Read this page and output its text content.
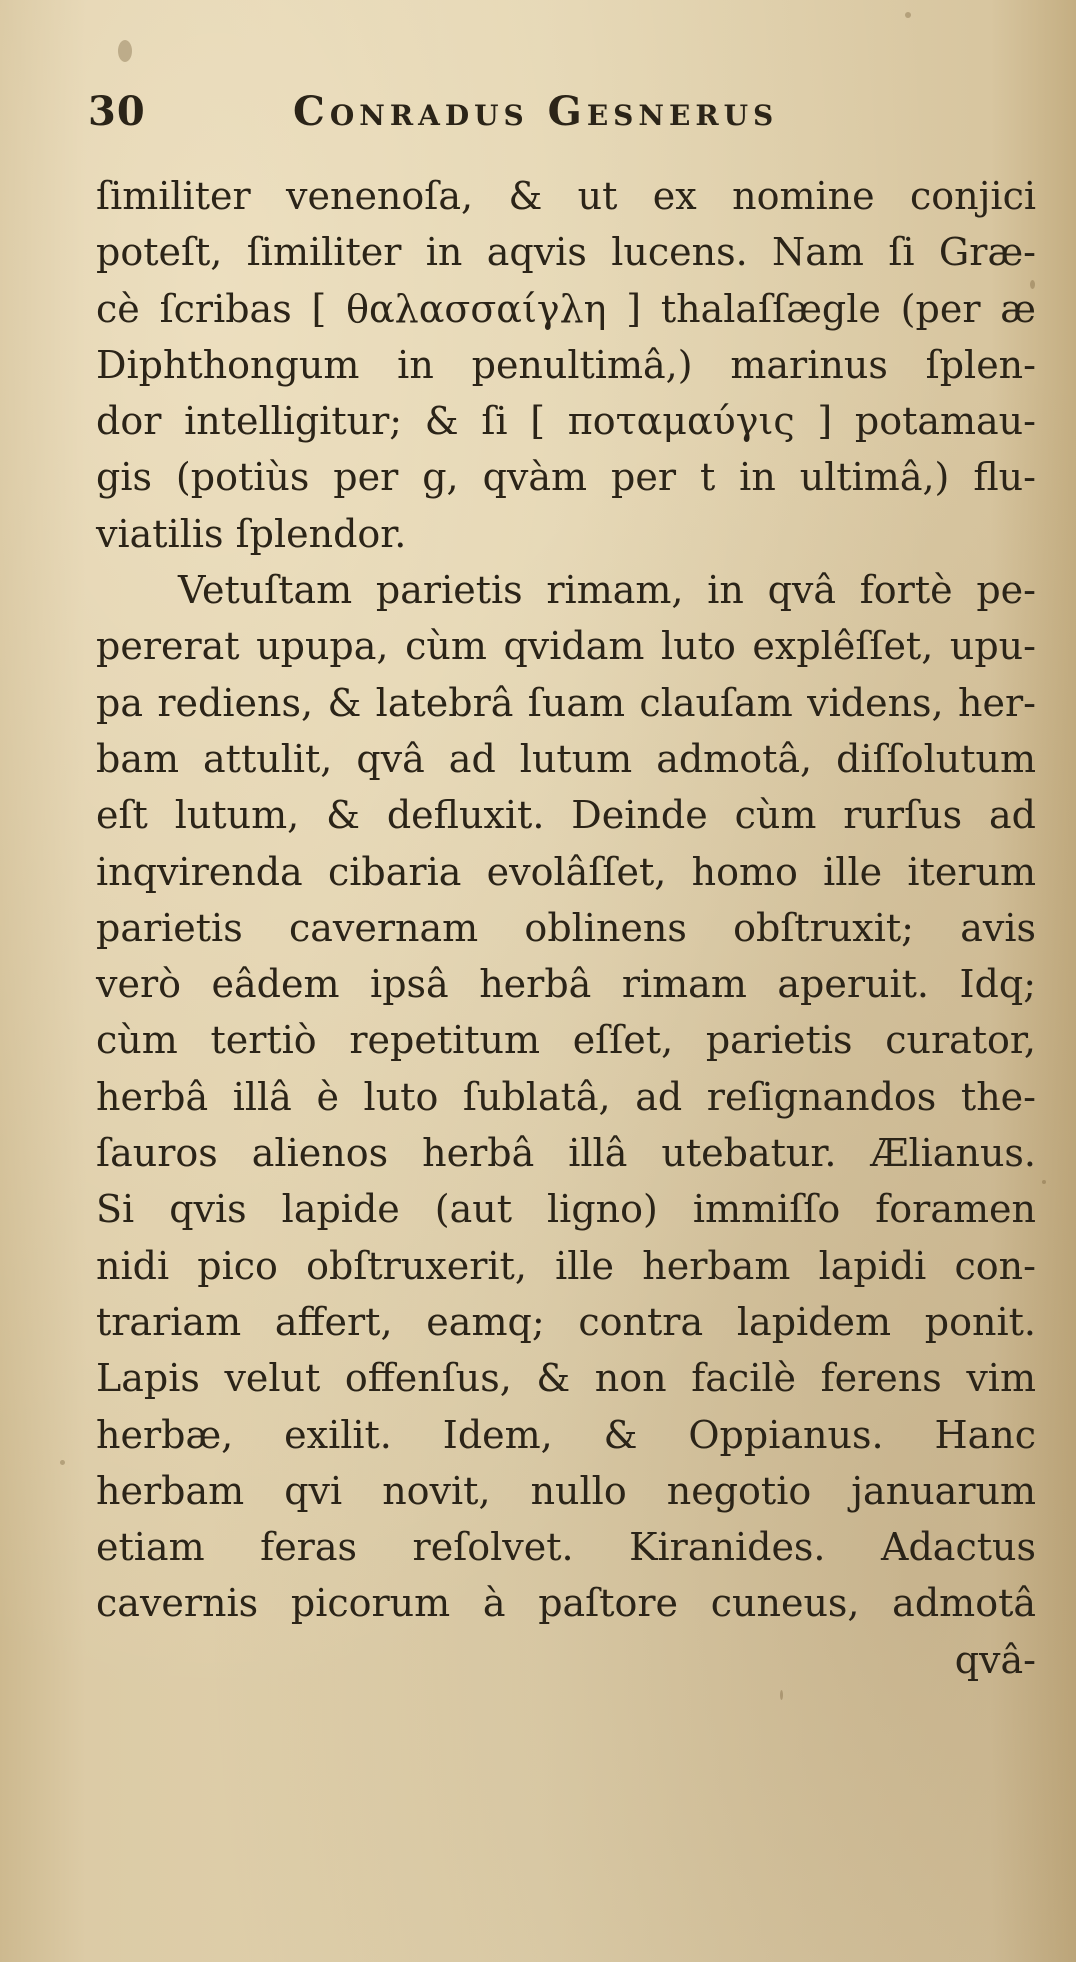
30	Conradus Gesnerus
ſimiliter venenoſa, & ut ex nomine conjici
poteſt, ſimiliter in aqvis lucens. Nam ſi Græ-
cè ſcribas [ θαλασσαίγλη ] thalaſſægle (per æ
Diphthongum in penultimâ,) marinus ſplen-
dor intelligitur; & ſi [ ποταμαύγις ] potamau-
gis (potiùs per g, qvàm per t in ultimâ,) flu-
viatilis ſplendor.
Vetuſtam parietis rimam, in qvâ fortè pe-
pererat upupa, cùm qvidam luto explêſſet, upu-
pa rediens, & latebrâ ſuam clauſam videns, her-
bam attulit, qvâ ad lutum admotâ, diſſolutum
eſt lutum, & defluxit. Deinde cùm rurſus ad
inqvirenda cibaria evolâſſet, homo ille iterum
parietis cavernam oblinens obſtruxit; avis
verò eâdem ipsâ herbâ rimam aperuit. Idq;
cùm tertiò repetitum eſſet, parietis curator,
herbâ illâ è luto ſublatâ, ad reſignandos the-
ſauros alienos herbâ illâ utebatur. Ælianus.
Si qvis lapide (aut ligno) immiſſo foramen
nidi pico obſtruxerit, ille herbam lapidi con-
trariam affert, eamq; contra lapidem ponit.
Lapis velut offenſus, & non facilè ferens vim
herbæ, exilit. Idem, & Oppianus. Hanc
herbam qvi novit, nullo negotio januarum
etiam feras reſolvet. Kiranides. Adactus
cavernis picorum à paſtore cuneus, admotâ
qvâ-
